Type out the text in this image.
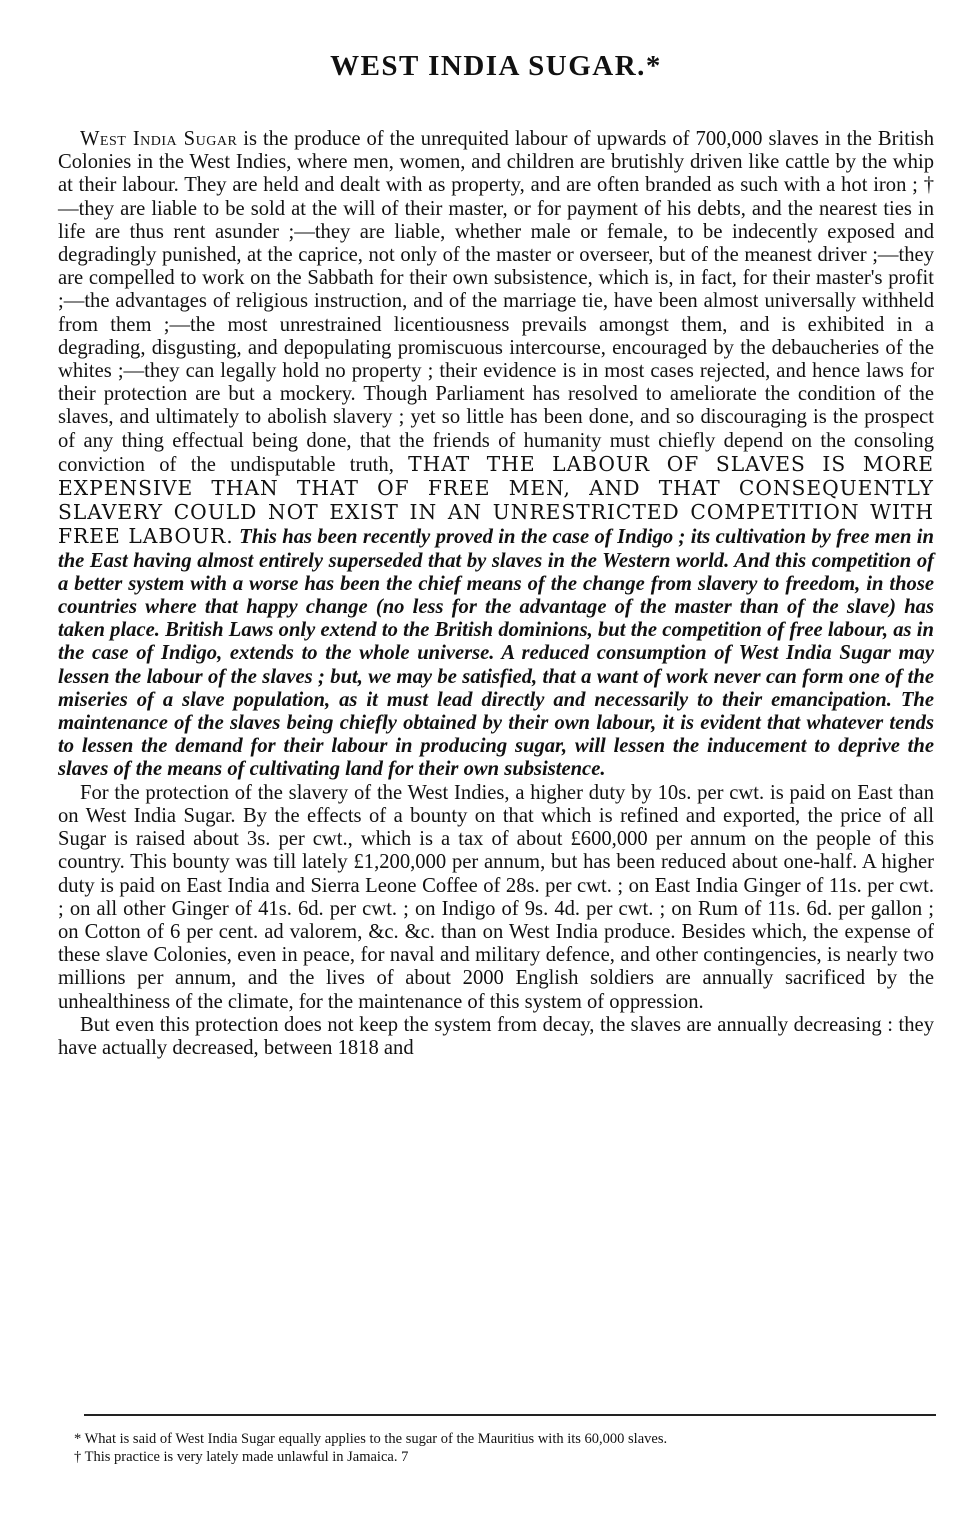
WEST INDIA SUGAR.*

West India Sugar is the produce of the unrequited labour of upwards of 700,000 slaves in the British Colonies in the West Indies, where men, women, and children are brutishly driven like cattle by the whip at their labour. They are held and dealt with as property, and are often branded as such with a hot iron ; †—they are liable to be sold at the will of their master, or for payment of his debts, and the nearest ties in life are thus rent asunder ;—they are liable, whether male or female, to be indecently exposed and degradingly punished, at the caprice, not only of the master or overseer, but of the meanest driver ;—they are compelled to work on the Sabbath for their own subsistence, which is, in fact, for their master's profit ;—the advantages of religious instruction, and of the marriage tie, have been almost universally withheld from them ;—the most unrestrained licentiousness prevails amongst them, and is exhibited in a degrading, disgusting, and depopulating promiscuous intercourse, encouraged by the debaucheries of the whites ;—they can legally hold no property ; their evidence is in most cases rejected, and hence laws for their protection are but a mockery. Though Parliament has resolved to ameliorate the condition of the slaves, and ultimately to abolish slavery ; yet so little has been done, and so discouraging is the prospect of any thing effectual being done, that the friends of humanity must chiefly depend on the consoling conviction of the undisputable truth, THAT THE LABOUR OF SLAVES IS MORE EXPENSIVE THAN THAT OF FREE MEN, AND THAT CONSEQUENTLY SLAVERY COULD NOT EXIST IN AN UNRESTRICTED COMPETITION WITH FREE LABOUR. This has been recently proved in the case of Indigo ; its cultivation by free men in the East having almost entirely superseded that by slaves in the Western world. And this competition of a better system with a worse has been the chief means of the change from slavery to freedom, in those countries where that happy change (no less for the advantage of the master than of the slave) has taken place. British Laws only extend to the British dominions, but the competition of free labour, as in the case of Indigo, extends to the whole universe. A reduced consumption of West India Sugar may lessen the labour of the slaves ; but, we may be satisfied, that a want of work never can form one of the miseries of a slave population, as it must lead directly and necessarily to their emancipation. The maintenance of the slaves being chiefly obtained by their own labour, it is evident that whatever tends to lessen the demand for their labour in producing sugar, will lessen the inducement to deprive the slaves of the means of cultivating land for their own subsistence.

For the protection of the slavery of the West Indies, a higher duty by 10s. per cwt. is paid on East than on West India Sugar. By the effects of a bounty on that which is refined and exported, the price of all Sugar is raised about 3s. per cwt., which is a tax of about £600,000 per annum on the people of this country. This bounty was till lately £1,200,000 per annum, but has been reduced about one-half. A higher duty is paid on East India and Sierra Leone Coffee of 28s. per cwt. ; on East India Ginger of 11s. per cwt. ; on all other Ginger of 41s. 6d. per cwt. ; on Indigo of 9s. 4d. per cwt. ; on Rum of 11s. 6d. per gallon ; on Cotton of 6 per cent. ad valorem, &c. &c. than on West India produce. Besides which, the expense of these slave Colonies, even in peace, for naval and military defence, and other contingencies, is nearly two millions per annum, and the lives of about 2000 English soldiers are annually sacrificed by the unhealthiness of the climate, for the maintenance of this system of oppression.

But even this protection does not keep the system from decay, the slaves are annually decreasing : they have actually decreased, between 1818 and

* What is said of West India Sugar equally applies to the sugar of the Mauritius with its 60,000 slaves.

† This practice is very lately made unlawful in Jamaica. 7
